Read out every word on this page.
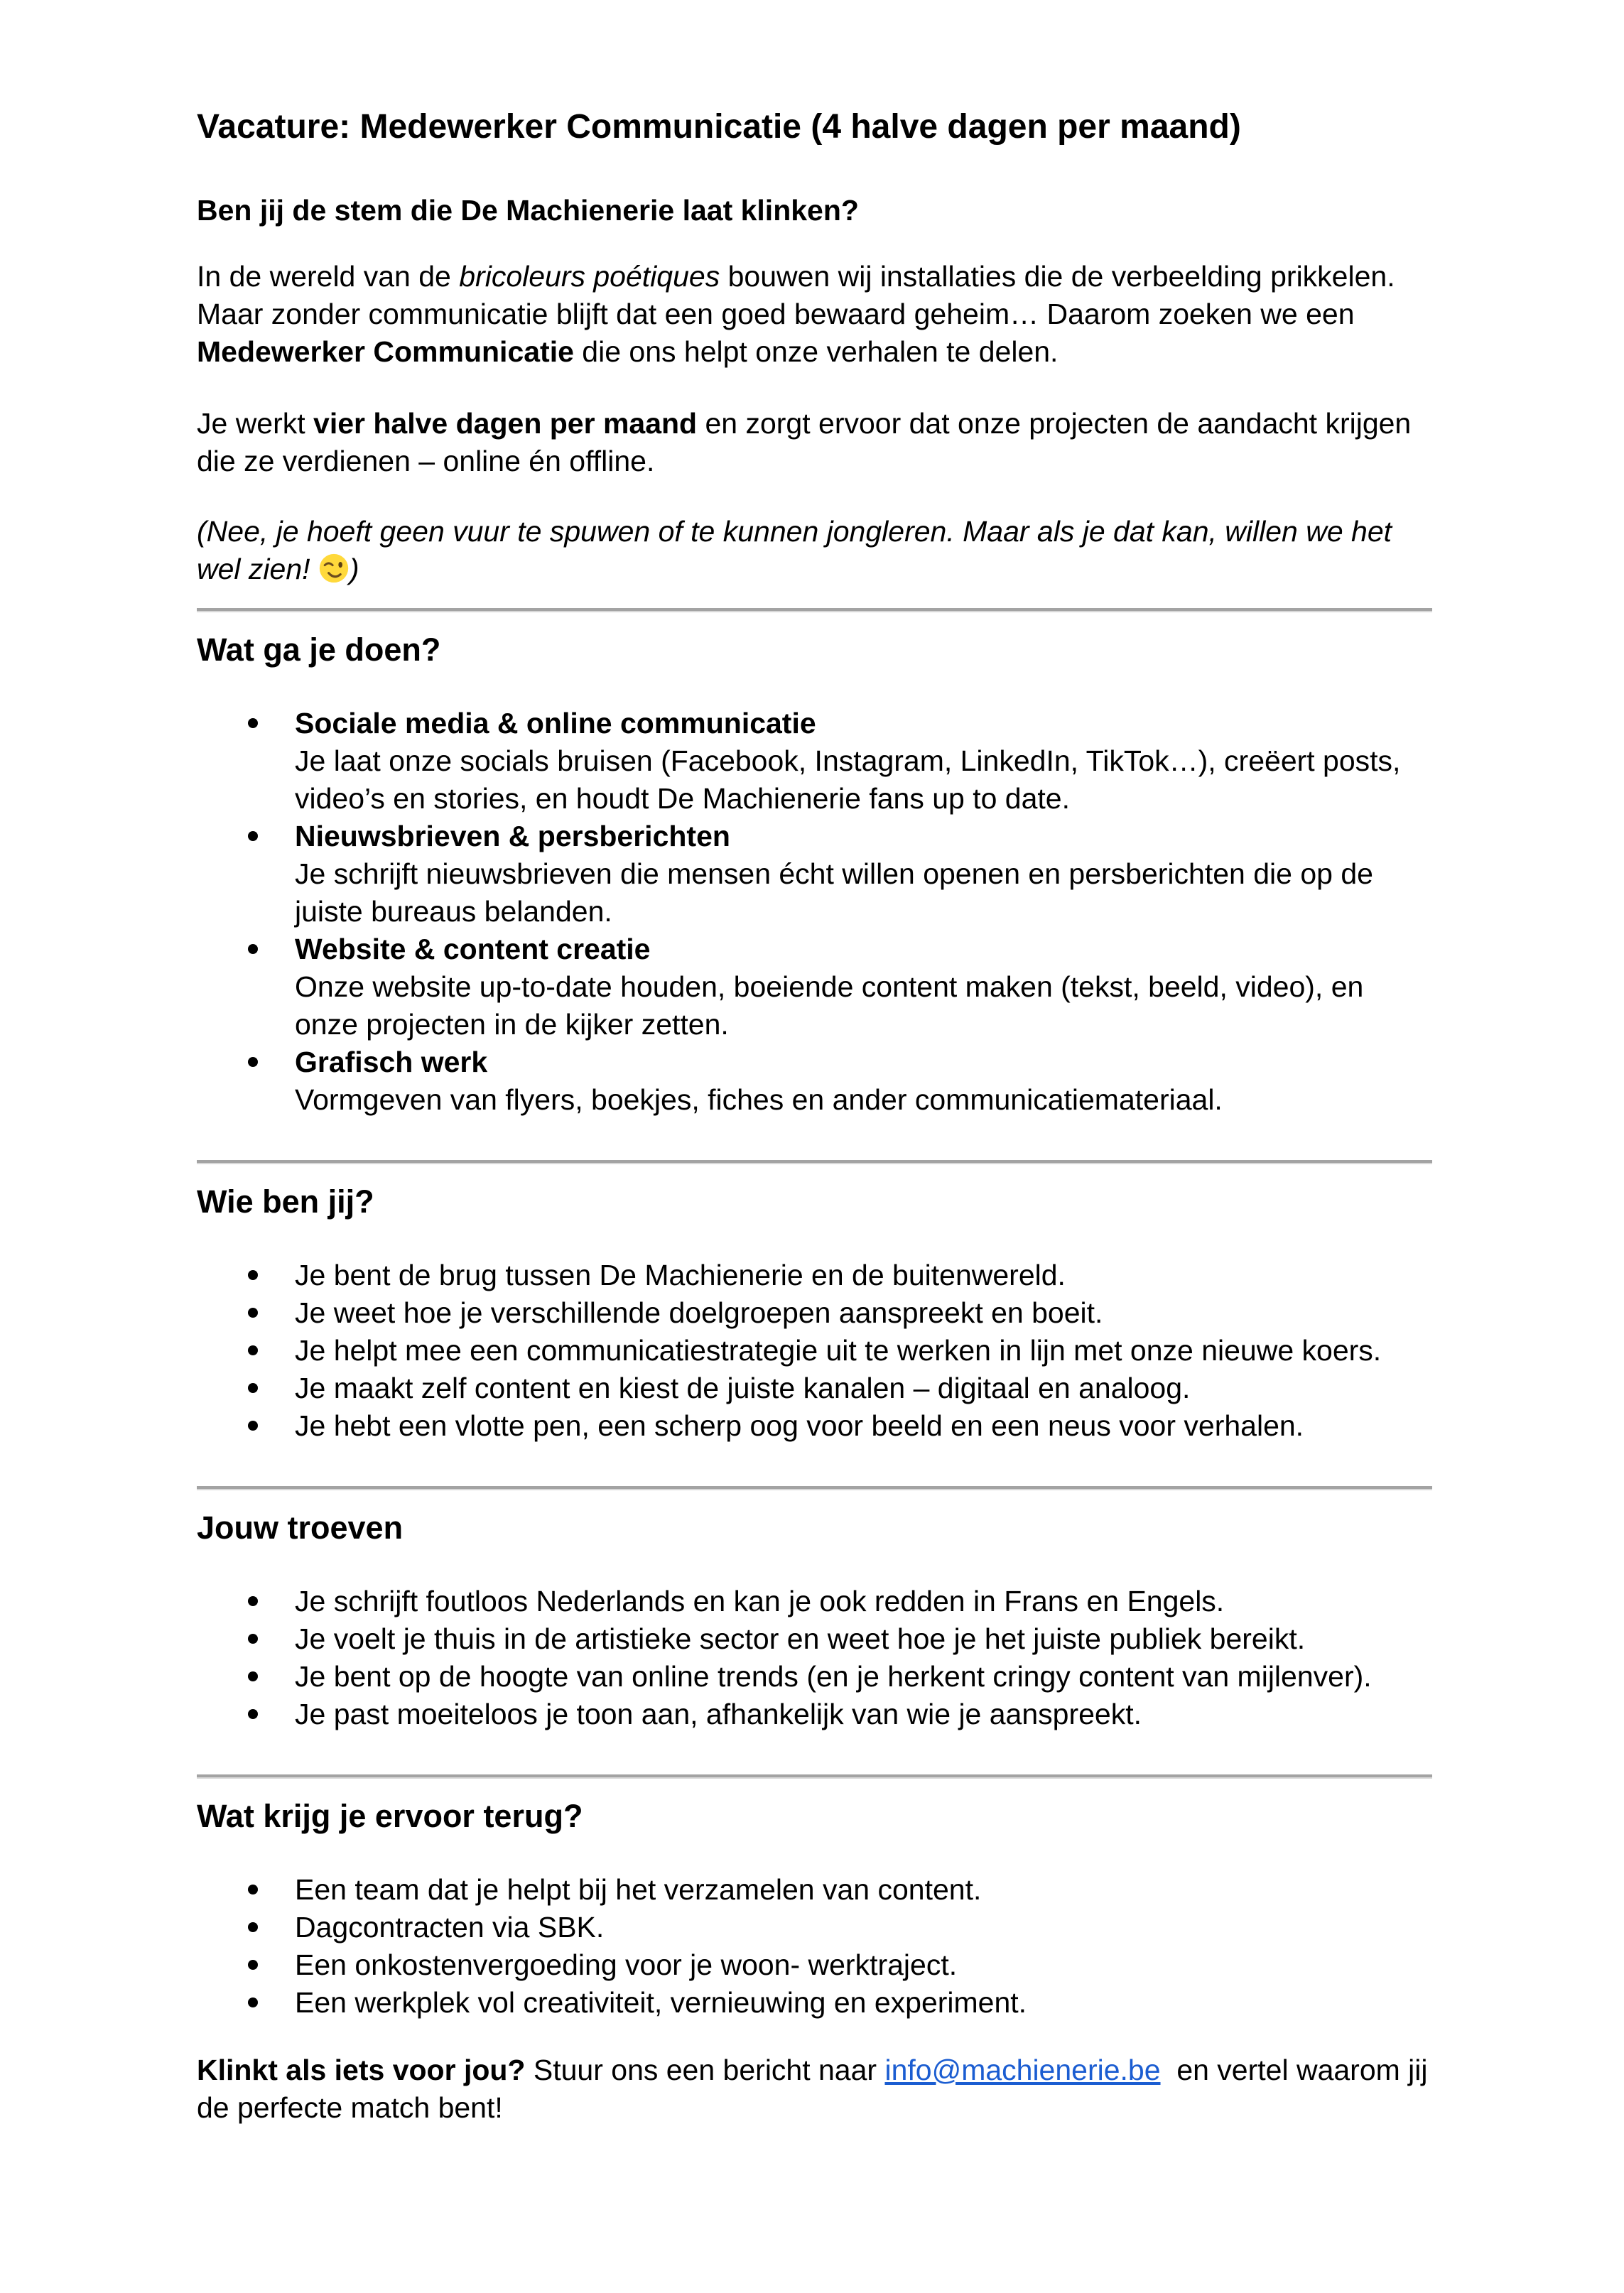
Vacature: Medewerker Communicatie (4 halve dagen per maand)

Ben jij de stem die De Machienerie laat klinken?

In de wereld van de bricoleurs poétiques bouwen wij installaties die de verbeelding prikkelen. Maar zonder communicatie blijft dat een goed bewaard geheim… Daarom zoeken we een Medewerker Communicatie die ons helpt onze verhalen te delen.

Je werkt vier halve dagen per maand en zorgt ervoor dat onze projecten de aandacht krijgen die ze verdienen – online én offline.

(Nee, je hoeft geen vuur te spuwen of te kunnen jongleren. Maar als je dat kan, willen we het wel zien!
)

Wat ga je doen?
Sociale media & online communicatie
Je laat onze socials bruisen (Facebook, Instagram, LinkedIn, TikTok…), creëert posts, video’s en stories, en houdt De Machienerie fans up to date.
Nieuwsbrieven & persberichten
Je schrijft nieuwsbrieven die mensen écht willen openen en persberichten die op de juiste bureaus belanden.
Website & content creatie
Onze website up-to-date houden, boeiende content maken (tekst, beeld, video), en onze projecten in de kijker zetten.
Grafisch werk
Vormgeven van flyers, boekjes, fiches en ander communicatiemateriaal.
Wie ben jij?
Je bent de brug tussen De Machienerie en de buitenwereld.
Je weet hoe je verschillende doelgroepen aanspreekt en boeit.
Je helpt mee een communicatiestrategie uit te werken in lijn met onze nieuwe koers.
Je maakt zelf content en kiest de juiste kanalen – digitaal en analoog.
Je hebt een vlotte pen, een scherp oog voor beeld en een neus voor verhalen.
Jouw troeven
Je schrijft foutloos Nederlands en kan je ook redden in Frans en Engels.
Je voelt je thuis in de artistieke sector en weet hoe je het juiste publiek bereikt.
Je bent op de hoogte van online trends (en je herkent cringy content van mijlenver).
Je past moeiteloos je toon aan, afhankelijk van wie je aanspreekt.
Wat krijg je ervoor terug?
Een team dat je helpt bij het verzamelen van content.
Dagcontracten via SBK.
Een onkostenvergoeding voor je woon- werktraject.
Een werkplek vol creativiteit, vernieuwing en experiment.

Klinkt als iets voor jou? Stuur ons een bericht naar info@machienerie.be  en vertel waarom jij de perfecte match bent!
